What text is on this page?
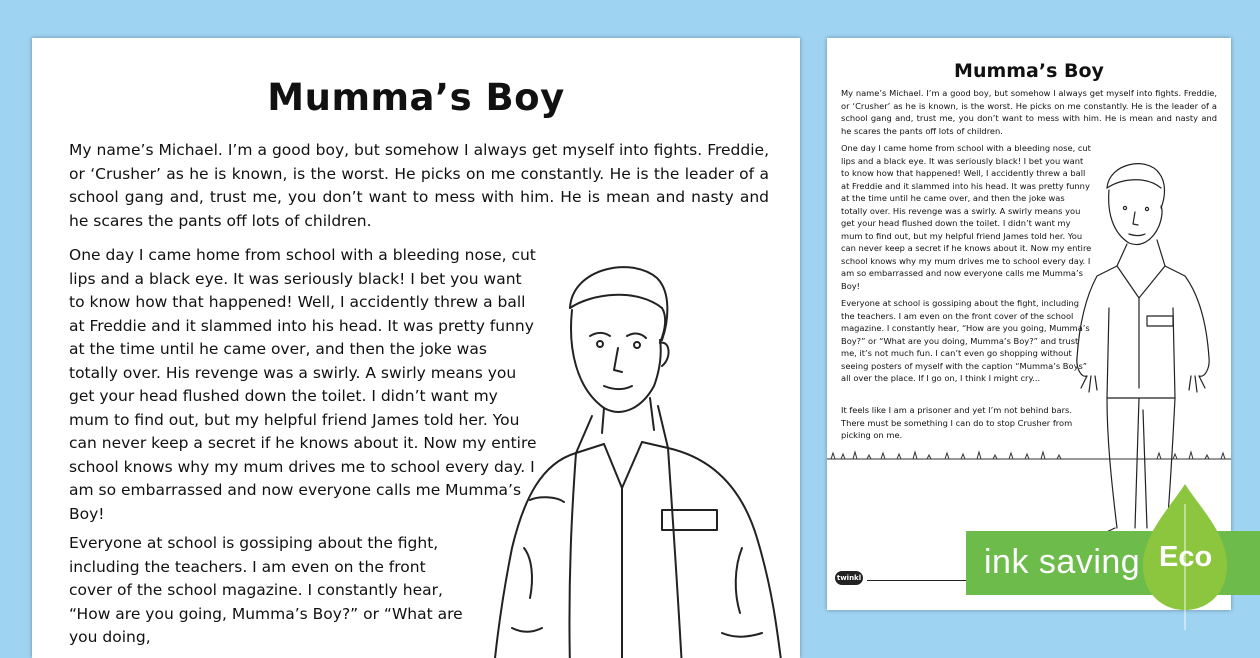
Mumma’s Boy

My name’s Michael. I’m a good boy, but somehow I always get myself into fights. Freddie, or ‘Crusher’ as he is known, is the worst. He picks on me constantly. He is the leader of a school gang and, trust me, you don’t want to mess with him. He is mean and nasty and he scares the pants off lots of children.

One day I came home from school with a bleeding nose, cut lips and a black eye. It was seriously black! I bet you want to know how that happened! Well, I accidently threw a ball at Freddie and it slammed into his head. It was pretty funny at the time until he came over, and then the joke was totally over. His revenge was a swirly. A swirly means you get your head flushed down the toilet. I didn’t want my mum to find out, but my helpful friend James told her. You can never keep a secret if he knows about it. Now my entire school knows why my mum drives me to school every day. I am so embarrassed and now everyone calls me Mumma’s Boy!

Everyone at school is gossiping about the fight, including the teachers. I am even on the front cover of the school magazine. I constantly hear, “How are you going, Mumma’s Boy?” or “What are you doing,

Mumma’s Boy

My name’s Michael. I’m a good boy, but somehow I always get myself into fights. Freddie, or ‘Crusher’ as he is known, is the worst. He picks on me constantly. He is the leader of a school gang and, trust me, you don’t want to mess with him. He is mean and nasty and he scares the pants off lots of children.

One day I came home from school with a bleeding nose, cut lips and a black eye. It was seriously black! I bet you want to know how that happened! Well, I accidently threw a ball at Freddie and it slammed into his head. It was pretty funny at the time until he came over, and then the joke was totally over. His revenge was a swirly. A swirly means you get your head flushed down the toilet. I didn’t want my mum to find out, but my helpful friend James told her. You can never keep a secret if he knows about it. Now my entire school knows why my mum drives me to school every day. I am so embarrassed and now everyone calls me Mumma’s Boy!

Everyone at school is gossiping about the fight, including the teachers. I am even on the front cover of the school magazine. I constantly hear, “How are you going, Mumma’s Boy?” or “What are you doing, Mumma’s Boy?” and trust me, it’s not much fun. I can’t even go shopping without seeing posters of myself with the caption “Mumma’s Boys” all over the place. If I go on, I think I might cry...

It feels like I am a prisoner and yet I’m not behind bars. There must be something I can do to stop Crusher from picking on me.

twinkl	ink saving Eco
